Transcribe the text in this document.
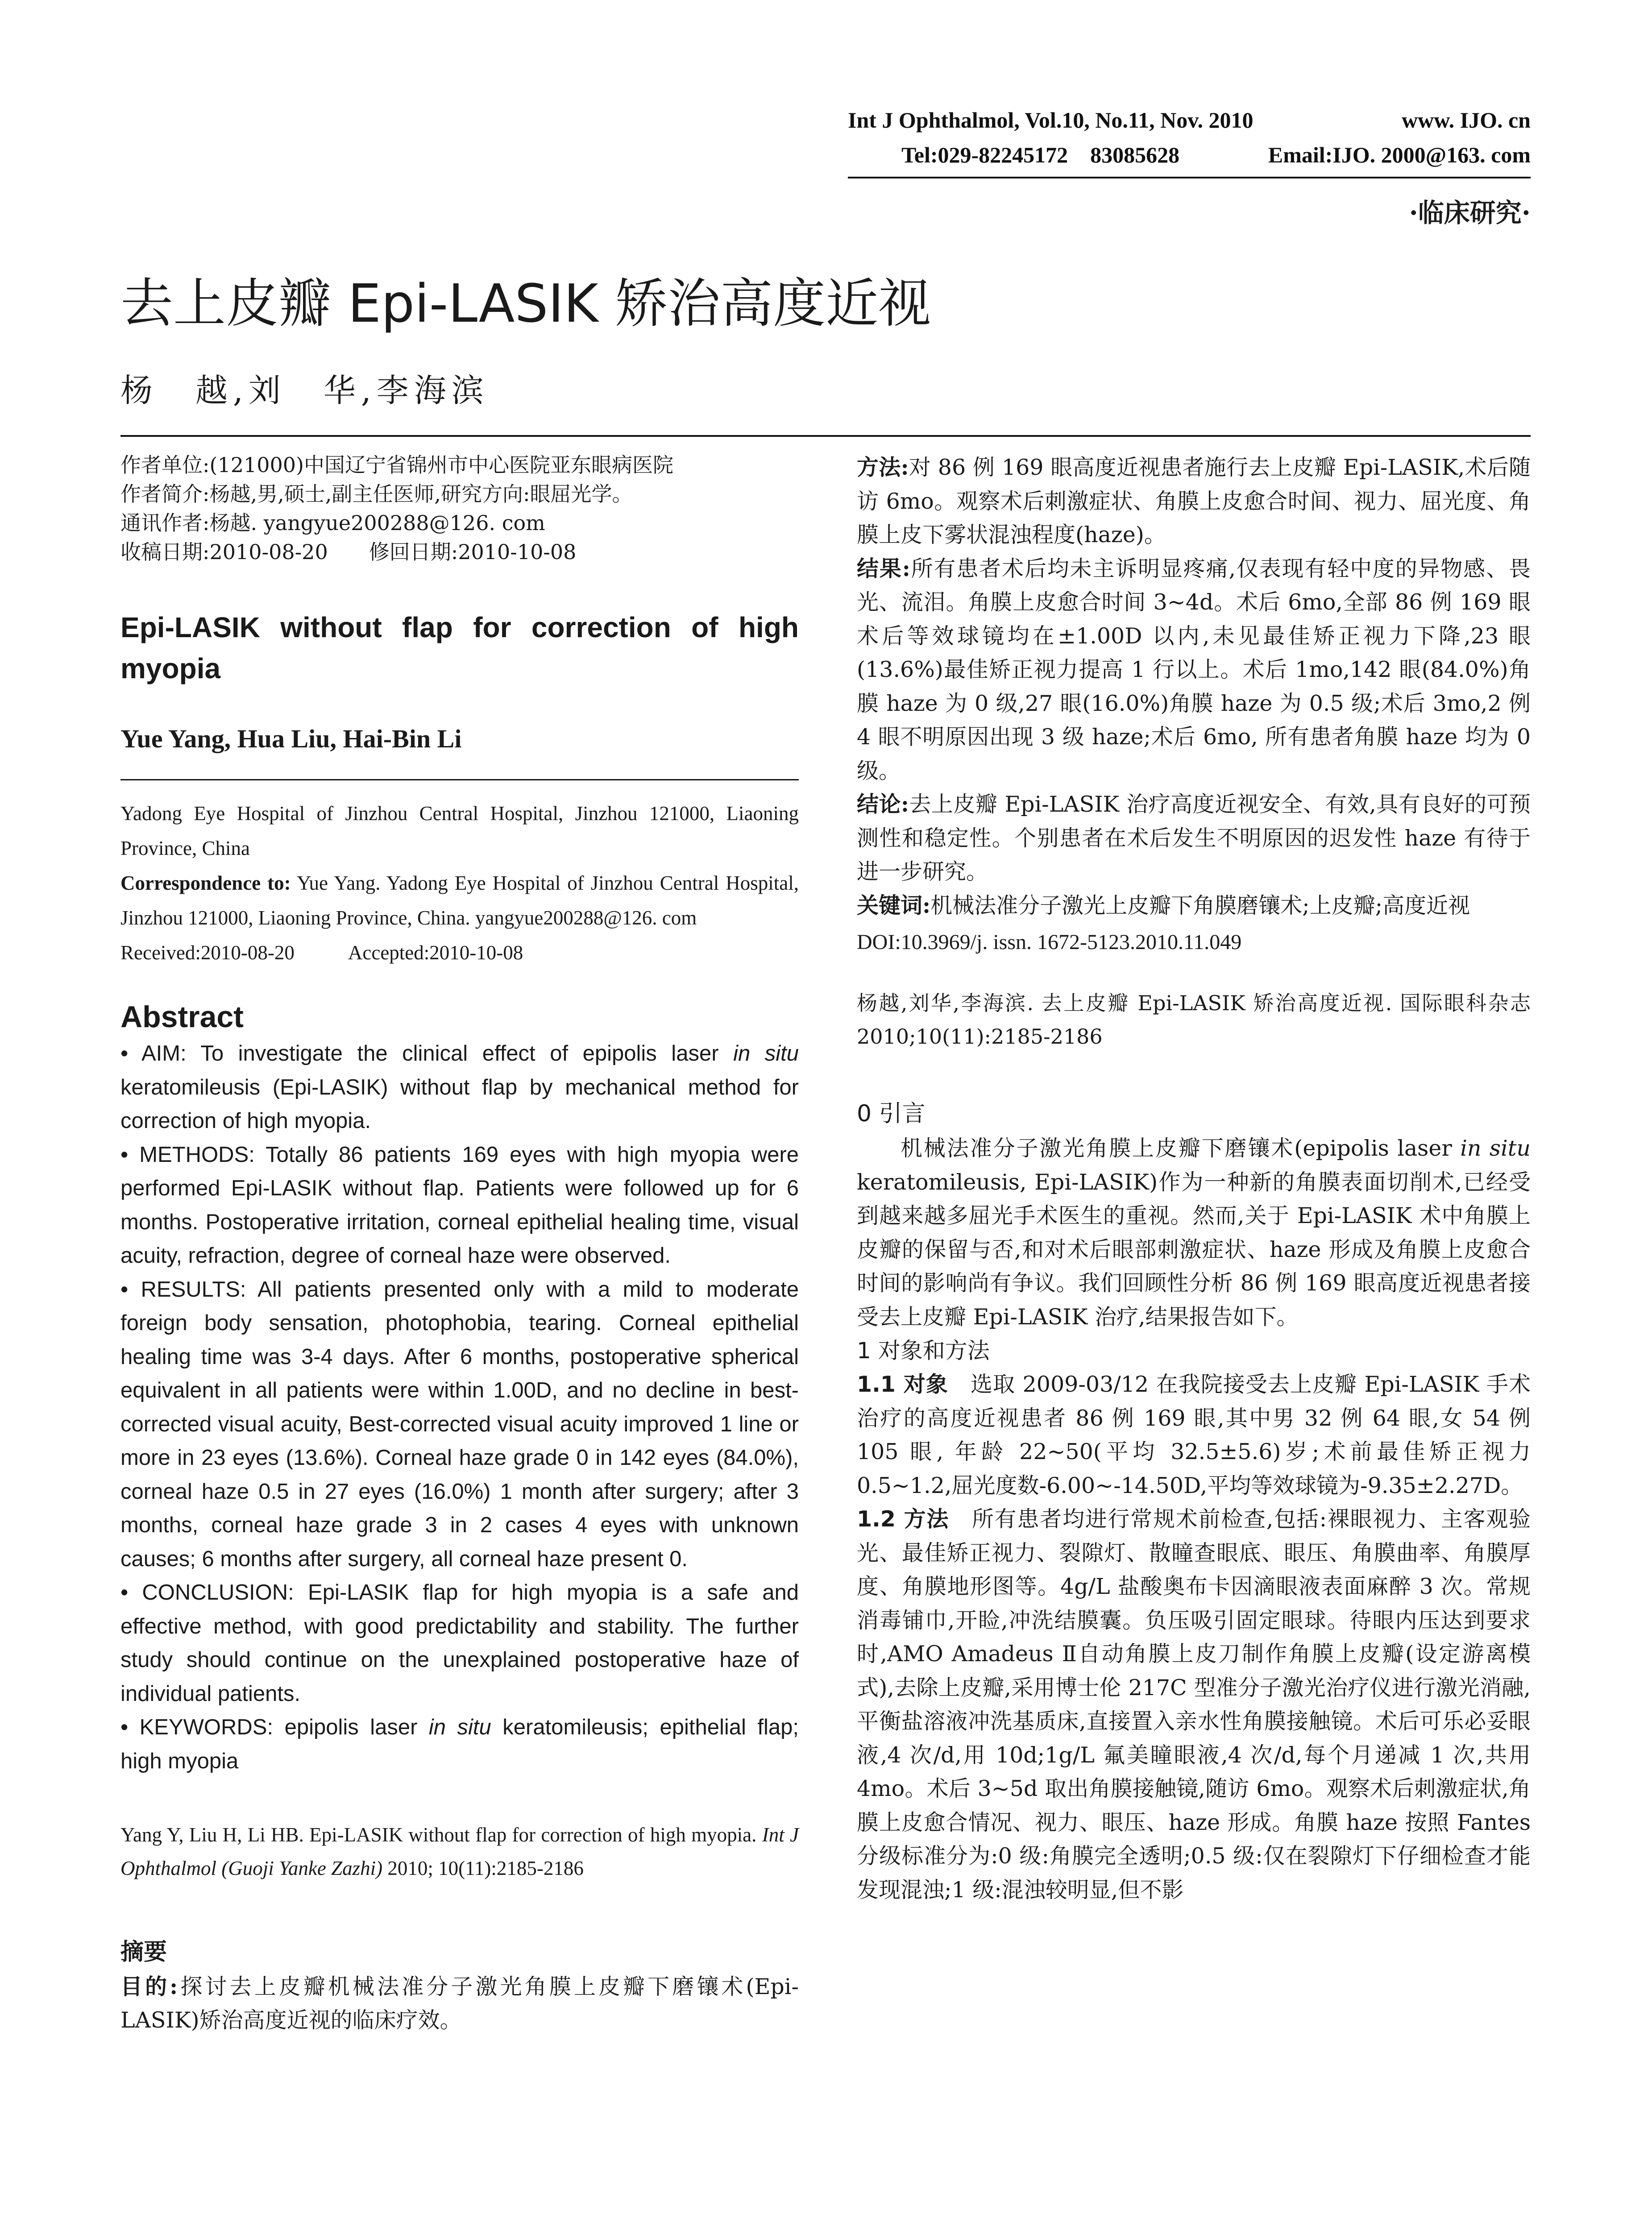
Int J Ophthalmol, Vol.10, No.11, Nov. 2010	www. IJO. cn
Tel:029-82245172　83085628	Email:IJO. 2000@163. com
·临床研究·
去上皮瓣 Epi-LASIK 矫治高度近视
杨　越,刘　华,李海滨
作者单位:(121000)中国辽宁省锦州市中心医院亚东眼病医院
作者简介:杨越,男,硕士,副主任医师,研究方向:眼屈光学。
通讯作者:杨越. yangyue200288@126. com
收稿日期:2010-08-20　　修回日期:2010-10-08
Epi-LASIK without flap for correction of high myopia
Yue Yang, Hua Liu, Hai-Bin Li
Yadong Eye Hospital of Jinzhou Central Hospital, Jinzhou 121000, Liaoning Province, China
Correspondence to: Yue Yang. Yadong Eye Hospital of Jinzhou Central Hospital, Jinzhou 121000, Liaoning Province, China. yangyue200288@126. com
Received:2010-08-20	Accepted:2010-10-08
Abstract
• AIM: To investigate the clinical effect of epipolis laser in situ keratomileusis (Epi-LASIK) without flap by mechanical method for correction of high myopia.
• METHODS: Totally 86 patients 169 eyes with high myopia were performed Epi-LASIK without flap. Patients were followed up for 6 months. Postoperative irritation, corneal epithelial healing time, visual acuity, refraction, degree of corneal haze were observed.
• RESULTS: All patients presented only with a mild to moderate foreign body sensation, photophobia, tearing. Corneal epithelial healing time was 3-4 days. After 6 months, postoperative spherical equivalent in all patients were within 1.00D, and no decline in best-corrected visual acuity, Best-corrected visual acuity improved 1 line or more in 23 eyes (13.6%). Corneal haze grade 0 in 142 eyes (84.0%), corneal haze 0.5 in 27 eyes (16.0%) 1 month after surgery; after 3 months, corneal haze grade 3 in 2 cases 4 eyes with unknown causes; 6 months after surgery, all corneal haze present 0.
• CONCLUSION: Epi-LASIK flap for high myopia is a safe and effective method, with good predictability and stability. The further study should continue on the unexplained postoperative haze of individual patients.
• KEYWORDS: epipolis laser in situ keratomileusis; epithelial flap; high myopia
Yang Y, Liu H, Li HB. Epi-LASIK without flap for correction of high myopia. Int J Ophthalmol (Guoji Yanke Zazhi) 2010; 10(11):2185-2186
摘要
目的:探讨去上皮瓣机械法准分子激光角膜上皮瓣下磨镶术(Epi-LASIK)矫治高度近视的临床疗效。
方法:对 86 例 169 眼高度近视患者施行去上皮瓣 Epi-LASIK,术后随访 6mo。观察术后刺激症状、角膜上皮愈合时间、视力、屈光度、角膜上皮下雾状混浊程度(haze)。
结果:所有患者术后均未主诉明显疼痛,仅表现有轻中度的异物感、畏光、流泪。角膜上皮愈合时间 3~4d。术后 6mo,全部 86 例 169 眼术后等效球镜均在±1.00D 以内,未见最佳矫正视力下降,23 眼(13.6%)最佳矫正视力提高 1 行以上。术后 1mo,142 眼(84.0%)角膜 haze 为 0 级,27 眼(16.0%)角膜 haze 为 0.5 级;术后 3mo,2 例 4 眼不明原因出现 3 级 haze;术后 6mo, 所有患者角膜 haze 均为 0 级。
结论:去上皮瓣 Epi-LASIK 治疗高度近视安全、有效,具有良好的可预测性和稳定性。个别患者在术后发生不明原因的迟发性 haze 有待于进一步研究。
关键词:机械法准分子激光上皮瓣下角膜磨镶术;上皮瓣;高度近视
DOI:10.3969/j. issn. 1672-5123.2010.11.049
杨越,刘华,李海滨. 去上皮瓣 Epi-LASIK 矫治高度近视. 国际眼科杂志 2010;10(11):2185-2186
0 引言
机械法准分子激光角膜上皮瓣下磨镶术(epipolis laser in situ keratomileusis, Epi-LASIK)作为一种新的角膜表面切削术,已经受到越来越多屈光手术医生的重视。然而,关于 Epi-LASIK 术中角膜上皮瓣的保留与否,和对术后眼部刺激症状、haze 形成及角膜上皮愈合时间的影响尚有争议。我们回顾性分析 86 例 169 眼高度近视患者接受去上皮瓣 Epi-LASIK 治疗,结果报告如下。
1 对象和方法
1.1 对象　选取 2009-03/12 在我院接受去上皮瓣 Epi-LASIK 手术治疗的高度近视患者 86 例 169 眼,其中男 32 例 64 眼,女 54 例 105 眼, 年龄 22~50(平均 32.5±5.6)岁;术前最佳矫正视力 0.5~1.2,屈光度数-6.00~-14.50D,平均等效球镜为-9.35±2.27D。
1.2 方法　所有患者均进行常规术前检查,包括:裸眼视力、主客观验光、最佳矫正视力、裂隙灯、散瞳查眼底、眼压、角膜曲率、角膜厚度、角膜地形图等。4g/L 盐酸奥布卡因滴眼液表面麻醉 3 次。常规消毒铺巾,开睑,冲洗结膜囊。负压吸引固定眼球。待眼内压达到要求时,AMO Amadeus Ⅱ自动角膜上皮刀制作角膜上皮瓣(设定游离模式),去除上皮瓣,采用博士伦 217C 型准分子激光治疗仪进行激光消融,平衡盐溶液冲洗基质床,直接置入亲水性角膜接触镜。术后可乐必妥眼液,4 次/d,用 10d;1g/L 氟美瞳眼液,4 次/d,每个月递减 1 次,共用 4mo。术后 3~5d 取出角膜接触镜,随访 6mo。观察术后刺激症状,角膜上皮愈合情况、视力、眼压、haze 形成。角膜 haze 按照 Fantes 分级标准分为:0 级:角膜完全透明;0.5 级:仅在裂隙灯下仔细检查才能发现混浊;1 级:混浊较明显,但不影
